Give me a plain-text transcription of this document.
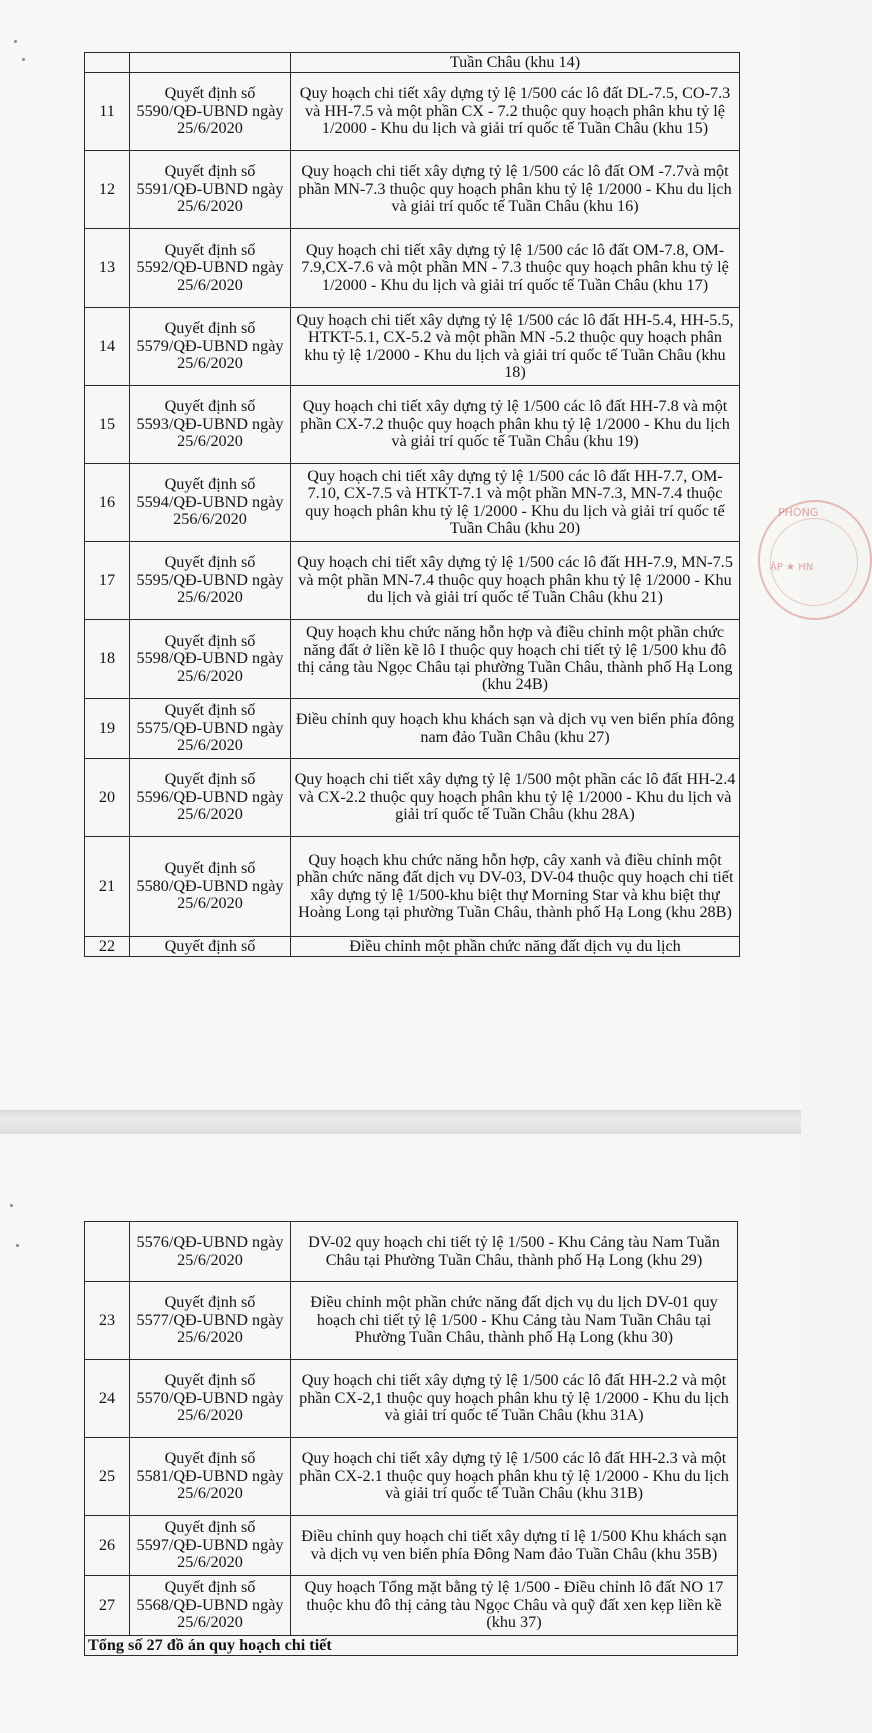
		Tuần Châu (khu 14)
11	Quyết định số 5590/QĐ-UBND ngày 25/6/2020	Quy hoạch chi tiết xây dựng tỷ lệ 1/500 các lô đất DL-7.5, CO-7.3 và HH-7.5 và một phần CX - 7.2 thuộc quy hoạch phân khu tỷ lệ 1/2000 - Khu du lịch và giải trí quốc tế Tuần Châu (khu 15)
12	Quyết định số 5591/QĐ-UBND ngày 25/6/2020	Quy hoạch chi tiết xây dựng tỷ lệ 1/500 các lô đất OM -7.7và một phần MN-7.3 thuộc quy hoạch phân khu tỷ lệ 1/2000 - Khu du lịch và giải trí quốc tế Tuần Châu (khu 16)
13	Quyết định số 5592/QĐ-UBND ngày 25/6/2020	Quy hoạch chi tiết xây dựng tỷ lệ 1/500 các lô đất OM-7.8, OM-7.9,CX-7.6 và một phần MN - 7.3 thuộc quy hoạch phân khu tỷ lệ 1/2000 - Khu du lịch và giải trí quốc tế Tuần Châu (khu 17)
14	Quyết định số 5579/QĐ-UBND ngày 25/6/2020	Quy hoạch chi tiết xây dựng tỷ lệ 1/500 các lô đất HH-5.4, HH-5.5, HTKT-5.1, CX-5.2 và một phần MN -5.2 thuộc quy hoạch phân khu tỷ lệ 1/2000 - Khu du lịch và giải trí quốc tế Tuần Châu (khu 18)
15	Quyết định số 5593/QĐ-UBND ngày 25/6/2020	Quy hoạch chi tiết xây dựng tỷ lệ 1/500 các lô đất HH-7.8 và một phần CX-7.2 thuộc quy hoạch phân khu tỷ lệ 1/2000 - Khu du lịch và giải trí quốc tế Tuần Châu (khu 19)
16	Quyết định số 5594/QĐ-UBND ngày 256/6/2020	Quy hoạch chi tiết xây dựng tỷ lệ 1/500 các lô đất HH-7.7, OM-7.10, CX-7.5 và HTKT-7.1 và một phần MN-7.3, MN-7.4 thuộc quy hoạch phân khu tỷ lệ 1/2000 - Khu du lịch và giải trí quốc tế Tuần Châu (khu 20)
17	Quyết định số 5595/QĐ-UBND ngày 25/6/2020	Quy hoạch chi tiết xây dựng tỷ lệ 1/500 các lô đất HH-7.9, MN-7.5 và một phần MN-7.4 thuộc quy hoạch phân khu tỷ lệ 1/2000 - Khu du lịch và giải trí quốc tế Tuần Châu (khu 21)
18	Quyết định số 5598/QĐ-UBND ngày 25/6/2020	Quy hoạch khu chức năng hỗn hợp và điều chỉnh một phần chức năng đất ở liền kề lô I thuộc quy hoạch chi tiết tỷ lệ 1/500 khu đô thị cảng tàu Ngọc Châu tại phường Tuần Châu, thành phố Hạ Long (khu 24B)
19	Quyết định số 5575/QĐ-UBND ngày 25/6/2020	Điều chỉnh quy hoạch khu khách sạn và dịch vụ ven biển phía đông nam đảo Tuần Châu (khu 27)
20	Quyết định số 5596/QĐ-UBND ngày 25/6/2020	Quy hoạch chi tiết xây dựng tỷ lệ 1/500 một phần các lô đất HH-2.4 và CX-2.2 thuộc quy hoạch phân khu tỷ lệ 1/2000 - Khu du lịch và giải trí quốc tế Tuần Châu (khu 28A)
21	Quyết định số 5580/QĐ-UBND ngày 25/6/2020	Quy hoạch khu chức năng hỗn hợp, cây xanh và điều chỉnh một phần chức năng đất dịch vụ DV-03, DV-04 thuộc quy hoạch chi tiết xây dựng tỷ lệ 1/500-khu biệt thự Morning Star và khu biệt thự Hoàng Long tại phường Tuần Châu, thành phố Hạ Long (khu 28B)
22	Quyết định số	Điều chỉnh một phần chức năng đất dịch vụ du lịch
PHÒNG
ẬP ★ HN
	5576/QĐ-UBND ngày 25/6/2020	DV-02 quy hoạch chi tiết tỷ lệ 1/500 - Khu Cảng tàu Nam Tuần Châu tại Phường Tuần Châu, thành phố Hạ Long (khu 29)
23	Quyết định số 5577/QĐ-UBND ngày 25/6/2020	Điều chỉnh một phần chức năng đất dịch vụ du lịch DV-01 quy hoạch chi tiết tỷ lệ 1/500 - Khu Cảng tàu Nam Tuần Châu tại Phường Tuần Châu, thành phố Hạ Long (khu 30)
24	Quyết định số 5570/QĐ-UBND ngày 25/6/2020	Quy hoạch chi tiết xây dựng tỷ lệ 1/500 các lô đất HH-2.2 và một phần CX-2,1 thuộc quy hoạch phân khu tỷ lệ 1/2000 - Khu du lịch và giải trí quốc tế Tuần Châu (khu 31A)
25	Quyết định số 5581/QĐ-UBND ngày 25/6/2020	Quy hoạch chi tiết xây dựng tỷ lệ 1/500 các lô đất HH-2.3 và một phần CX-2.1 thuộc quy hoạch phân khu tỷ lệ 1/2000 - Khu du lịch và giải trí quốc tế Tuần Châu (khu 31B)
26	Quyết định số 5597/QĐ-UBND ngày 25/6/2020	Điều chỉnh quy hoạch chi tiết xây dựng tỉ lệ 1/500 Khu khách sạn và dịch vụ ven biển phía Đông Nam đảo Tuần Châu (khu 35B)
27	Quyết định số 5568/QĐ-UBND ngày 25/6/2020	Quy hoạch Tổng mặt bằng tỷ lệ 1/500 - Điều chỉnh lô đất NO 17 thuộc khu đô thị cảng tàu Ngọc Châu và quỹ đất xen kẹp liền kề (khu 37)
Tổng số 27 đồ án quy hoạch chi tiết		
